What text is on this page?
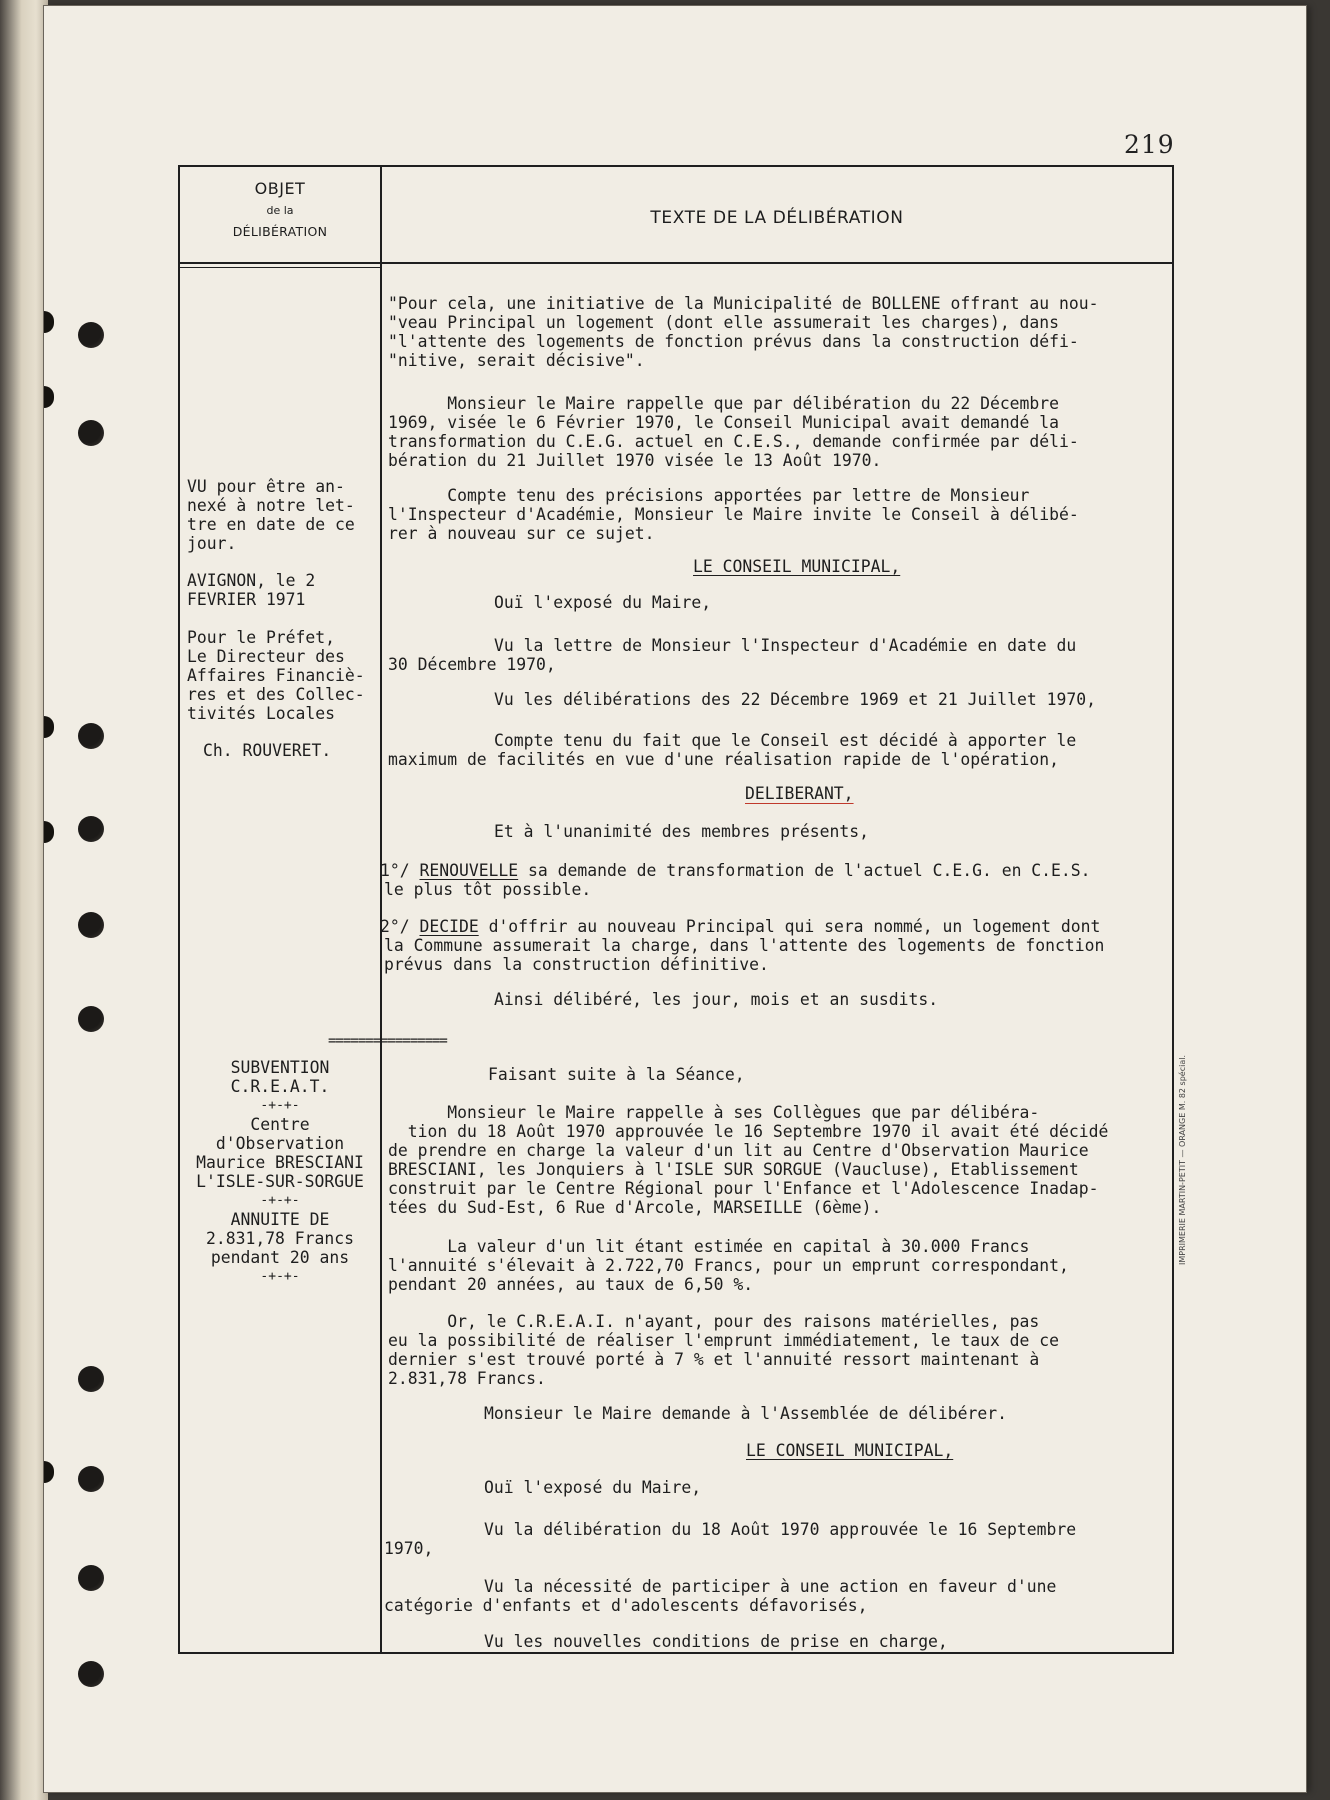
219
OBJET
de la
DÉLIBÉRATION
TEXTE DE LA DÉLIBÉRATION
IMPRIMERIE MARTIN-PETIT — ORANGE M. 82 spécial.
VU pour être an-
nexé à notre let-
tre en date de ce
jour.
AVIGNON, le 2
FEVRIER 1971
Pour le Préfet,
Le Directeur des
Affaires Financiè-
res et des Collec-
tivités Locales
Ch. ROUVERET.
================
SUBVENTION
C.R.E.A.T.
-+-+-
Centre
d'Observation
Maurice BRESCIANI
L'ISLE-SUR-SORGUE
-+-+-
ANNUITE DE
2.831,78 Francs
pendant 20 ans
-+-+-
"Pour cela, une initiative de la Municipalité de BOLLENE offrant au nou-
"veau Principal un logement (dont elle assumerait les charges), dans
"l'attente des logements de fonction prévus dans la construction défi-
"nitive, serait décisive".
Monsieur le Maire rappelle que par délibération du 22 Décembre
1969, visée le 6 Février 1970, le Conseil Municipal avait demandé la
transformation du C.E.G. actuel en C.E.S., demande confirmée par déli-
bération du 21 Juillet 1970 visée le 13 Août 1970.
Compte tenu des précisions apportées par lettre de Monsieur
l'Inspecteur d'Académie, Monsieur le Maire invite le Conseil à délibé-
rer à nouveau sur ce sujet.
LE CONSEIL MUNICIPAL,
Ouï l'exposé du Maire,
Vu la lettre de Monsieur l'Inspecteur d'Académie en date du
30 Décembre 1970,
Vu les délibérations des 22 Décembre 1969 et 21 Juillet 1970,
Compte tenu du fait que le Conseil est décidé à apporter le
maximum de facilités en vue d'une réalisation rapide de l'opération,
DELIBERANT,
Et à l'unanimité des membres présents,
1°/ RENOUVELLE sa demande de transformation de l'actuel C.E.G. en C.E.S.
le plus tôt possible.
2°/ DECIDE d'offrir au nouveau Principal qui sera nommé, un logement dont
la Commune assumerait la charge, dans l'attente des logements de fonction
prévus dans la construction définitive.
Ainsi délibéré, les jour, mois et an susdits.
Faisant suite à la Séance,
Monsieur le Maire rappelle à ses Collègues que par délibéra-
tion du 18 Août 1970 approuvée le 16 Septembre 1970 il avait été décidé
de prendre en charge la valeur d'un lit au Centre d'Observation Maurice
BRESCIANI, les Jonquiers à l'ISLE SUR SORGUE (Vaucluse), Etablissement
construit par le Centre Régional pour l'Enfance et l'Adolescence Inadap-
tées du Sud-Est, 6 Rue d'Arcole, MARSEILLE (6ème).
La valeur d'un lit étant estimée en capital à 30.000 Francs
l'annuité s'élevait à 2.722,70 Francs, pour un emprunt correspondant,
pendant 20 années, au taux de 6,50 %.
Or, le C.R.E.A.I. n'ayant, pour des raisons matérielles, pas
eu la possibilité de réaliser l'emprunt immédiatement, le taux de ce
dernier s'est trouvé porté à 7 % et l'annuité ressort maintenant à
2.831,78 Francs.
Monsieur le Maire demande à l'Assemblée de délibérer.
LE CONSEIL MUNICIPAL,
Ouï l'exposé du Maire,
Vu la délibération du 18 Août 1970 approuvée le 16 Septembre
1970,
Vu la nécessité de participer à une action en faveur d'une
catégorie d'enfants et d'adolescents défavorisés,
Vu les nouvelles conditions de prise en charge,
